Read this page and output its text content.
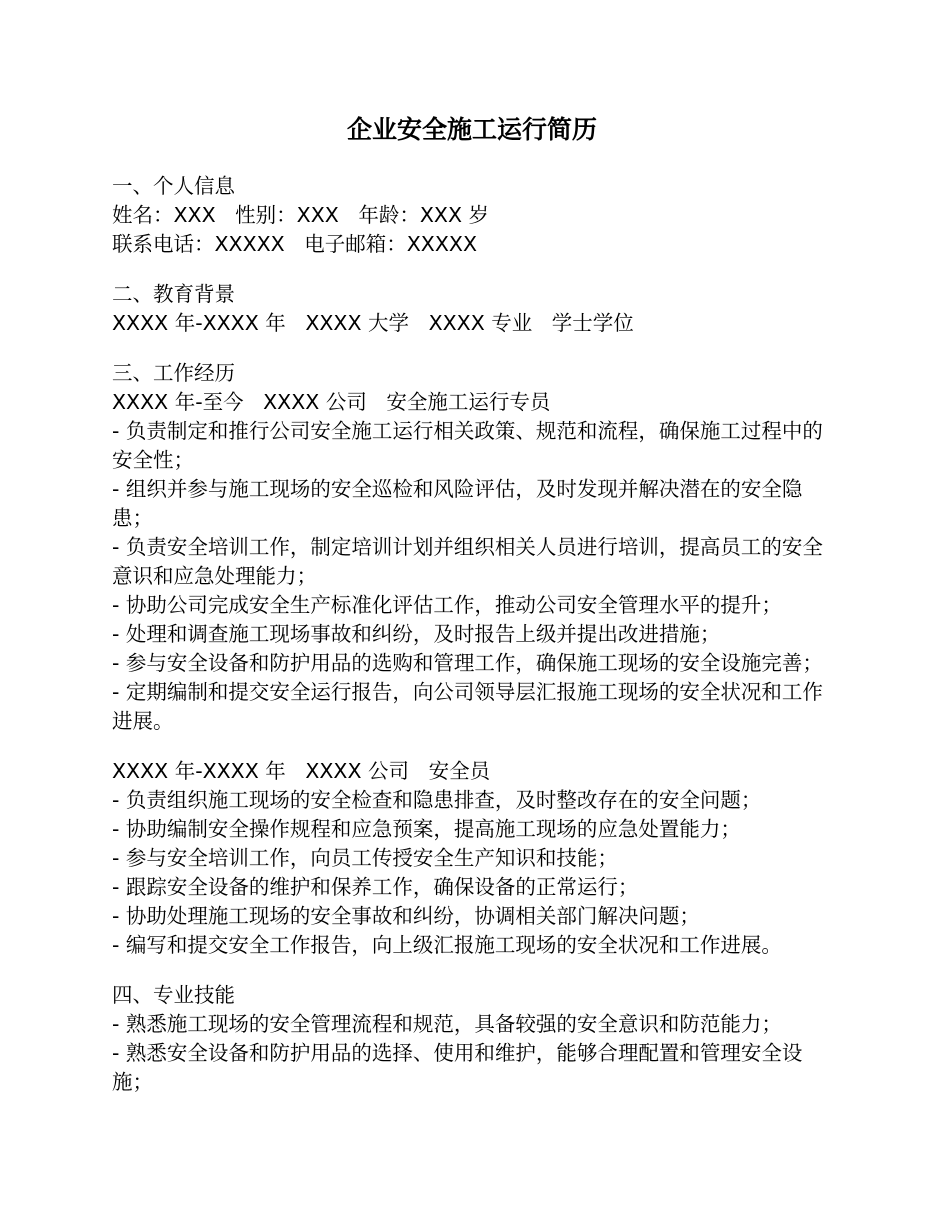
企业安全施工运行简历

一、个人信息

姓名：XXX   性别：XXX   年龄：XXX 岁

联系电话：XXXXX   电子邮箱：XXXXX

二、教育背景

XXXX 年-XXXX 年   XXXX 大学   XXXX 专业   学士学位

三、工作经历

XXXX 年-至今   XXXX 公司   安全施工运行专员

- 负责制定和推行公司安全施工运行相关政策、规范和流程，确保施工过程中的安全性；
- 组织并参与施工现场的安全巡检和风险评估，及时发现并解决潜在的安全隐患；
- 负责安全培训工作，制定培训计划并组织相关人员进行培训，提高员工的安全意识和应急处理能力；
- 协助公司完成安全生产标准化评估工作，推动公司安全管理水平的提升；
- 处理和调查施工现场事故和纠纷，及时报告上级并提出改进措施；
- 参与安全设备和防护用品的选购和管理工作，确保施工现场的安全设施完善；
- 定期编制和提交安全运行报告，向公司领导层汇报施工现场的安全状况和工作进展。

XXXX 年-XXXX 年   XXXX 公司   安全员

- 负责组织施工现场的安全检查和隐患排查，及时整改存在的安全问题；
- 协助编制安全操作规程和应急预案，提高施工现场的应急处置能力；
- 参与安全培训工作，向员工传授安全生产知识和技能；
- 跟踪安全设备的维护和保养工作，确保设备的正常运行；
- 协助处理施工现场的安全事故和纠纷，协调相关部门解决问题；
- 编写和提交安全工作报告，向上级汇报施工现场的安全状况和工作进展。

四、专业技能

- 熟悉施工现场的安全管理流程和规范，具备较强的安全意识和防范能力；
- 熟悉安全设备和防护用品的选择、使用和维护，能够合理配置和管理安全设施；
